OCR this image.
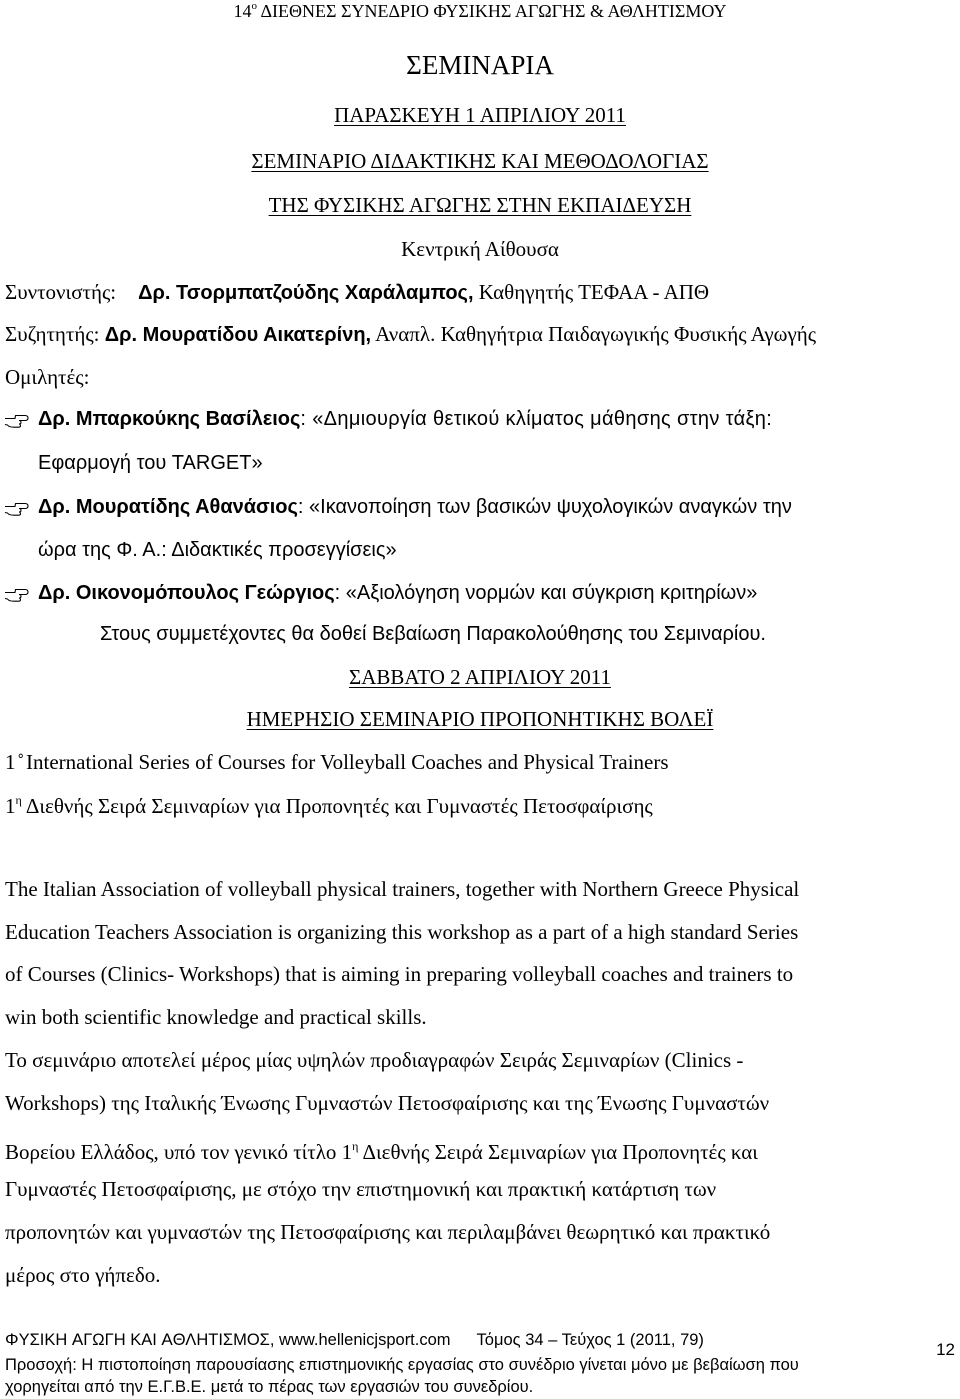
$14^o$ ΔΙΕΘΝΕΣ ΣΥΝΕΔΡΙΟ ΦΥΣΙΚΗΣ ΑΓΩΓΗΣ & ΑΘΛΗΤΙΣΜΟΥ
ΣΕΜΙΝΑΡΙΑ
ΠΑΡΑΣΚΕΥΗ 1 ΑΠΡΙΛΙΟΥ 2011
ΣΕΜΙΝΑΡΙΟ ΔΙΔΑΚΤΙΚΗΣ ΚΑΙ ΜΕΘΟΔΟΛΟΓΙΑΣ
ΤΗΣ ΦΥΣΙΚΗΣ ΑΓΩΓΗΣ ΣΤΗΝ ΕΚΠΑΙΔΕΥΣΗ
Κεντρική Αίθουσα
Συντονιστής: Δρ. Τσορμπατζούδης Χαράλαμπος, Καθηγητής ΤΕΦΑΑ - ΑΠΘ
Συζητητής: Δρ. Μουρατίδου Αικατερίνη, Αναπλ. Καθηγήτρια Παιδαγωγικής Φυσικής Αγωγής
Ομιλητές:
Δρ. Μπαρκούκης Βασίλειος: «Δημιουργία θετικού κλίματος μάθησης στην τάξη:
Εφαρμογή του TARGET»
Δρ. Μουρατίδης Αθανάσιος: «Ικανοποίηση των βασικών ψυχολογικών αναγκών την
ώρα της Φ. Α.: Διδακτικές προσεγγίσεις»
Δρ. Οικονομόπουλος Γεώργιος: «Αξιολόγηση νορμών και σύγκριση κριτηρίων»
Στους συμμετέχοντες θα δοθεί Βεβαίωση Παρακολούθησης του Σεμιναρίου.
ΣΑΒΒΑΤΟ 2 ΑΠΡΙΛΙΟΥ 2011
ΗΜΕΡΗΣΙΟ ΣΕΜΙΝΑΡΙΟ ΠΡΟΠΟΝΗΤΙΚΗΣ ΒΟΛΕΪ
1 ̊ International Series of Courses for Volleyball Coaches and Physical Trainers
$1^\eta$ Διεθνής Σειρά Σεμιναρίων για Προπονητές και Γυμναστές Πετοσφαίρισης

The Italian Association of volleyball physical trainers, together with Northern Greece Physical

Education Teachers Association is organizing this workshop as a part of a high standard Series

of Courses (Clinics- Workshops) that is aiming in preparing volleyball coaches and trainers to

win both scientific knowledge and practical skills.

Το σεμινάριο αποτελεί μέρος μίας υψηλών προδιαγραφών Σειράς Σεμιναρίων (Clinics -

Workshops) της Ιταλικής Ένωσης Γυμναστών Πετοσφαίρισης και της Ένωσης Γυμναστών

Βορείου Ελλάδος, υπό τον γενικό τίτλο $1^\eta$ Διεθνής Σειρά Σεμιναρίων για Προπονητές και

Γυμναστές Πετοσφαίρισης, με στόχο την επιστημονική και πρακτική κατάρτιση των

προπονητών και γυμναστών της Πετοσφαίρισης και περιλαμβάνει θεωρητικό και πρακτικό

μέρος στο γήπεδο.

ΦΥΣΙΚΗ ΑΓΩΓΗ ΚΑΙ ΑΘΛΗΤΙΣΜΟΣ, www.hellenicjsport.com Τόμος 34 – Τεύχος 1 (2011, 79)	12
Προσοχή: Η πιστοποίηση παρουσίασης επιστημονικής εργασίας στο συνέδριο γίνεται μόνο με βεβαίωση που
χορηγείται από την Ε.Γ.Β.Ε. μετά το πέρας των εργασιών του συνεδρίου.
